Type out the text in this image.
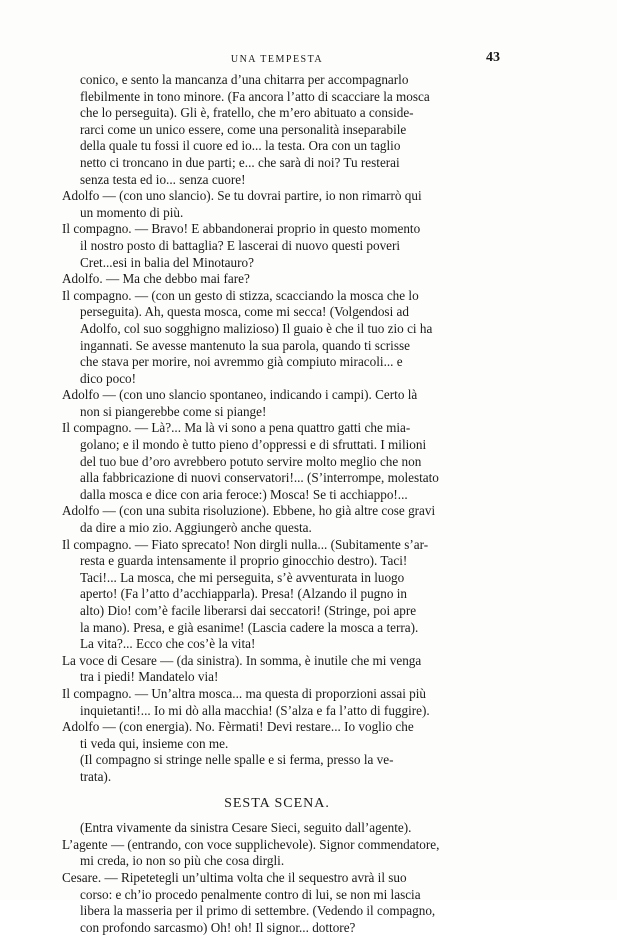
UNA TEMPESTA	43
conico, e sento la mancanza d’una chitarra per accompagnarlo
flebilmente in tono minore. (Fa ancora l’atto di scacciare la mosca
che lo perseguita). Gli è, fratello, che m’ero abituato a conside-
rarci come un unico essere, come una personalità inseparabile
della quale tu fossi il cuore ed io... la testa. Ora con un taglio
netto ci troncano in due parti; e... che sarà di noi? Tu resterai
senza testa ed io... senza cuore!
Adolfo — (con uno slancio). Se tu dovrai partire, io non rimarrò qui
un momento di più.
Il compagno. — Bravo! E abbandonerai proprio in questo momento
il nostro posto di battaglia? E lascerai di nuovo questi poveri
Cret...esi in balia del Minotauro?
Adolfo. — Ma che debbo mai fare?
Il compagno. — (con un gesto di stizza, scacciando la mosca che lo
perseguita). Ah, questa mosca, come mi secca! (Volgendosi ad
Adolfo, col suo sogghigno malizioso) Il guaio è che il tuo zio ci ha
ingannati. Se avesse mantenuto la sua parola, quando ti scrisse
che stava per morire, noi avremmo già compiuto miracoli... e
dico poco!
Adolfo — (con uno slancio spontaneo, indicando i campi). Certo là
non si piangerebbe come si piange!
Il compagno. — Là?... Ma là vi sono a pena quattro gatti che mia-
golano; e il mondo è tutto pieno d’oppressi e di sfruttati. I milioni
del tuo bue d’oro avrebbero potuto servire molto meglio che non
alla fabbricazione di nuovi conservatori!... (S’interrompe, molestato
dalla mosca e dice con aria feroce:) Mosca! Se ti acchiappo!...
Adolfo — (con una subita risoluzione). Ebbene, ho già altre cose gravi
da dire a mio zio. Aggiungerò anche questa.
Il compagno. — Fiato sprecato! Non dirgli nulla... (Subitamente s’ar-
resta e guarda intensamente il proprio ginocchio destro). Taci!
Taci!... La mosca, che mi perseguita, s’è avventurata in luogo
aperto! (Fa l’atto d’acchiapparla). Presa! (Alzando il pugno in
alto) Dio! com’è facile liberarsi dai seccatori! (Stringe, poi apre
la mano). Presa, e già esanime! (Lascia cadere la mosca a terra).
La vita?... Ecco che cos’è la vita!
La voce di Cesare — (da sinistra). In somma, è inutile che mi venga
tra i piedi! Mandatelo via!
Il compagno. — Un’altra mosca... ma questa di proporzioni assai più
inquietanti!... Io mi dò alla macchia! (S’alza e fa l’atto di fuggire).
Adolfo — (con energia). No. Fèrmati! Devi restare... Io voglio che
ti veda qui, insieme con me.
(Il compagno si stringe nelle spalle e si ferma, presso la ve-
trata).
SESTA SCENA.
(Entra vivamente da sinistra Cesare Sieci, seguito dall’agente).
L’agente — (entrando, con voce supplichevole). Signor commendatore,
mi creda, io non so più che cosa dirgli.
Cesare. — Ripetetegli un’ultima volta che il sequestro avrà il suo
corso: e ch’io procedo penalmente contro di lui, se non mi lascia
libera la masseria per il primo di settembre. (Vedendo il compagno,
con profondo sarcasmo) Oh! oh! Il signor... dottore?
